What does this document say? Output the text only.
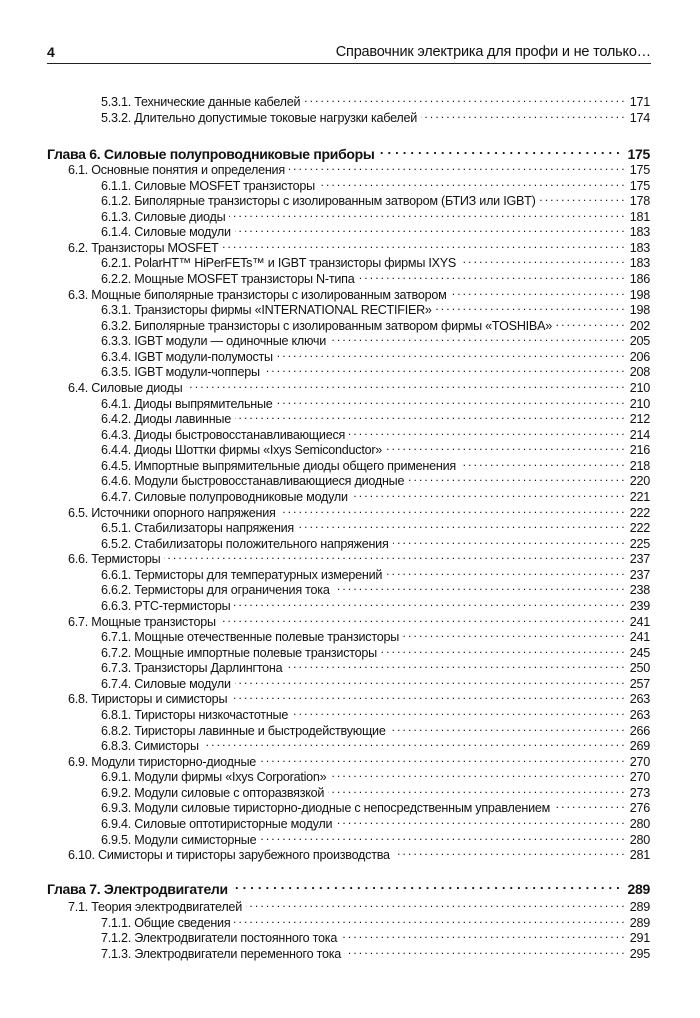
4	Справочник электрика для профи и не только…
5.3.1. Технические данные кабелей . . .	171
5.3.2. Длительно допустимые токовые нагрузки кабелей . . .	174
Глава 6. Силовые полупроводниковые приборы . . .	175
6.1. Основные понятия и определения . . .	175
6.1.1. Силовые MOSFET транзисторы . . .	175
6.1.2. Биполярные транзисторы с изолированным затвором (БТИЗ или IGBT) . . .	178
6.1.3. Силовые диоды . . .	181
6.1.4. Силовые модули . . .	183
6.2. Транзисторы MOSFET . . .	183
6.2.1. PolarHT™ HiPerFETs™ и IGBT транзисторы фирмы IXYS . . .	183
6.2.2. Мощные MOSFET транзисторы N-типа . . .	186
6.3. Мощные биполярные транзисторы с изолированным затвором . . .	198
6.3.1. Транзисторы фирмы «INTERNATIONAL RECTIFIER» . . .	198
6.3.2. Биполярные транзисторы с изолированным затвором фирмы «TOSHIBA» . . .	202
6.3.3. IGBT модули — одиночные ключи . . .	205
6.3.4. IGBT модули-полумосты . . .	206
6.3.5. IGBT модули-чопперы . . .	208
6.4. Силовые диоды . . .	210
6.4.1. Диоды выпрямительные . . .	210
6.4.2. Диоды лавинные . . .	212
6.4.3. Диоды быстровосстанавливающиеся . . .	214
6.4.4. Диоды Шоттки фирмы «Ixys Semiconductor» . . .	216
6.4.5. Импортные выпрямительные диоды общего применения . . .	218
6.4.6. Модули быстровосстанавливающиеся диодные . . .	220
6.4.7. Силовые полупроводниковые модули . . .	221
6.5. Источники опорного напряжения . . .	222
6.5.1. Стабилизаторы напряжения . . .	222
6.5.2. Стабилизаторы положительного напряжения . . .	225
6.6. Термисторы . . .	237
6.6.1. Термисторы для температурных измерений . . .	237
6.6.2. Термисторы для ограничения тока . . .	238
6.6.3. PTC-термисторы . . .	239
6.7. Мощные транзисторы . . .	241
6.7.1. Мощные отечественные полевые транзисторы . . .	241
6.7.2. Мощные импортные полевые транзисторы . . .	245
6.7.3. Транзисторы Дарлингтона . . .	250
6.7.4. Силовые модули . . .	257
6.8. Тиристоры и симисторы . . .	263
6.8.1. Тиристоры низкочастотные . . .	263
6.8.2. Тиристоры лавинные и быстродействующие . . .	266
6.8.3. Симисторы . . .	269
6.9. Модули тиристорно-диодные . . .	270
6.9.1. Модули фирмы «Ixys Corporation» . . .	270
6.9.2. Модули силовые с опторазвязкой . . .	273
6.9.3. Модули силовые тиристорно-диодные с непосредственным управлением . . .	276
6.9.4. Силовые оптотиристорные модули . . .	280
6.9.5. Модули симисторные . . .	280
6.10. Симисторы и тиристоры зарубежного производства . . .	281
Глава 7. Электродвигатели . . .	289
7.1. Теория электродвигателей . . .	289
7.1.1. Общие сведения . . .	289
7.1.2. Электродвигатели постоянного тока . . .	291
7.1.3. Электродвигатели переменного тока . . .	295
